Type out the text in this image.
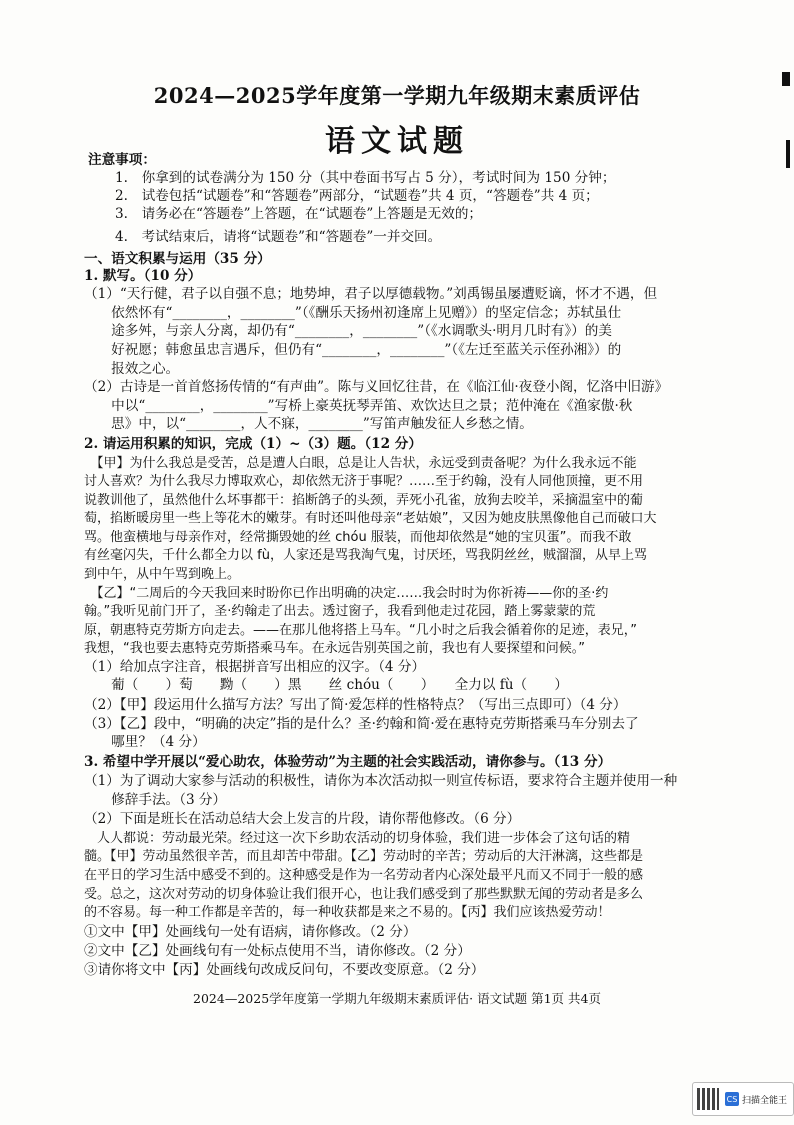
2024—2025学年度第一学期九年级期末素质评估
语文试题
注意事项：
1.　你拿到的试卷满分为 150 分（其中卷面书写占 5 分），考试时间为 150 分钟；
2.　试卷包括“试题卷”和“答题卷”两部分，“试题卷”共 4 页，“答题卷”共 4 页；
3.　请务必在“答题卷”上答题，在“试题卷”上答题是无效的；
4.　考试结束后，请将“试题卷”和“答题卷”一并交回。
一、语文积累与运用（35 分）
1. 默写。（10 分）
（1）“天行健，君子以自强不息；地势坤，君子以厚德载物。”刘禹锡虽屡遭贬谪，怀才不遇，但
　　依然怀有“________，________”（《酬乐天扬州初逢席上见赠》）的坚定信念；苏轼虽仕
　　途多舛，与亲人分离，却仍有“________，________”（《水调歌头·明月几时有》）的美
　　好祝愿；韩愈虽忠言遇斥，但仍有“________，________”（《左迁至蓝关示侄孙湘》）的
　　报效之心。
（2）古诗是一首首悠扬传情的“有声曲”。陈与义回忆往昔，在《临江仙·夜登小阁，忆洛中旧游》
　　中以“________，________”写桥上豪英抚琴弄笛、欢饮达旦之景；范仲淹在《渔家傲·秋
　　思》中，以“________，人不寐，________”写笛声触发征人乡愁之情。
2. 请运用积累的知识，完成（1）~（3）题。（12 分）
　【甲】为什么我总是受苦，总是遭人白眼，总是让人告状，永远受到责备呢？为什么我永远不能
讨人喜欢？为什么我尽力博取欢心，却依然无济于事呢？……至于约翰，没有人同他顶撞，更不用
说教训他了，虽然他什么坏事都干：掐断鸽子的头颈，弄死小孔雀，放狗去咬羊，采摘温室中的葡
萄，掐断暖房里一些上等花木的嫩芽。有时还叫他母亲“老姑娘”，又因为她皮肤黑像他自己而破口大
骂。他蛮横地与母亲作对，经常撕毁她的丝 chóu 服装，而他却依然是“她的宝贝蛋”。而我不敢
有丝毫闪失，千什么都全力以 fù，人家还是骂我淘气鬼，讨厌坯，骂我阴丝丝，贼溜溜，从早上骂
到中午，从中午骂到晚上。
　【乙】“二周后的今天我回来时盼你已作出明确的决定……我会时时为你祈祷——你的圣·约
翰。”我听见前门开了，圣·约翰走了出去。透过窗子，我看到他走过花园，踏上雾蒙蒙的荒
原，朝惠特克劳斯方向走去。——在那儿他将搭上马车。“几小时之后我会循着你的足迹，表兄，”
我想，“我也要去惠特克劳斯搭乘马车。在永远告别英国之前，我也有人要探望和问候。”
（1）给加点字注音，根据拼音写出相应的汉字。（4 分）
　　葡（　　）萄　　黝（　　）黑　　丝 chóu（　　）　　全力以 fù（　　）
（2）【甲】段运用什么描写方法？写出了简·爱怎样的性格特点？（写出三点即可）（4 分）
（3）【乙】段中，“明确的决定”指的是什么？圣·约翰和简·爱在惠特克劳斯搭乘马车分别去了
　　哪里？（4 分）
3. 希望中学开展以“爱心助农，体验劳动”为主题的社会实践活动，请你参与。（13 分）
（1）为了调动大家参与活动的积极性，请你为本次活动拟一则宣传标语，要求符合主题并使用一种
　　修辞手法。（3 分）
（2）下面是班长在活动总结大会上发言的片段，请你帮他修改。（6 分）
　人人都说：劳动最光荣。经过这一次下乡助农活动的切身体验，我们进一步体会了这句话的精
髓。【甲】劳动虽然很辛苦，而且却苦中带甜。【乙】劳动时的辛苦；劳动后的大汗淋漓，这些都是
在平日的学习生活中感受不到的。这种感受是作为一名劳动者内心深处最平凡而又不同于一般的感
受。总之，这次对劳动的切身体验让我们很开心，也让我们感受到了那些默默无闻的劳动者是多么
的不容易。每一种工作都是辛苦的，每一种收获都是来之不易的。【丙】我们应该热爱劳动！
①文中【甲】处画线句一处有语病，请你修改。（2 分）
②文中【乙】处画线句有一处标点使用不当，请你修改。（2 分）
③请你将文中【丙】处画线句改成反问句，不要改变原意。（2 分）
2024—2025学年度第一学期九年级期末素质评估· 语文试题 第1页 共4页
CS 扫描全能王
